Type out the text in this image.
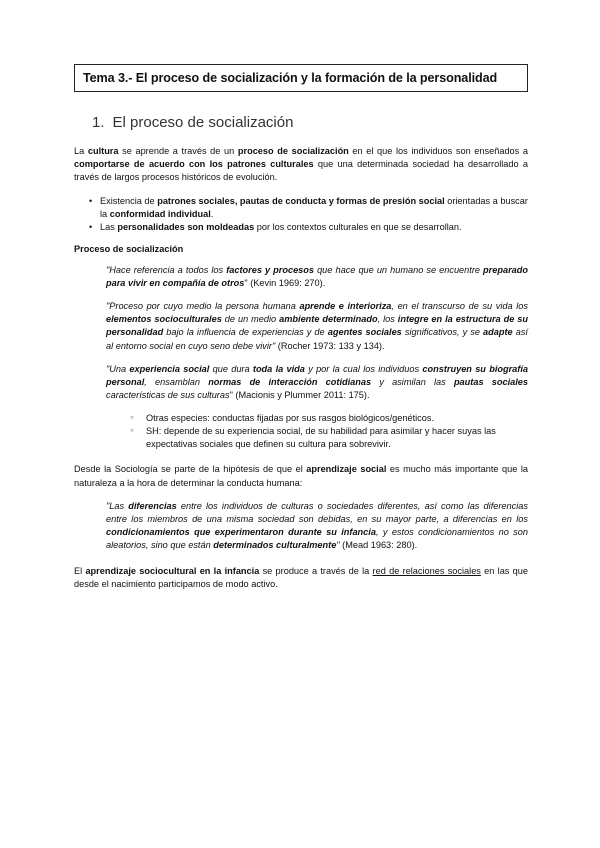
Tema 3.- El proceso de socialización y la formación de la personalidad
1. El proceso de socialización

La cultura se aprende a través de un proceso de socialización en el que los individuos son enseñados a comportarse de acuerdo con los patrones culturales que una determinada sociedad ha desarrollado a través de largos procesos históricos de evolución.

• Existencia de patrones sociales, pautas de conducta y formas de presión social orientadas a buscar la conformidad individual.
• Las personalidades son moldeadas por los contextos culturales en que se desarrollan.
Proceso de socialización

"Hace referencia a todos los factores y procesos que hace que un humano se encuentre preparado para vivir en compañía de otros" (Kevin 1969: 270).

"Proceso por cuyo medio la persona humana aprende e interioriza, en el transcurso de su vida los elementos socioculturales de un medio ambiente determinado, los integre en la estructura de su personalidad bajo la influencia de experiencias y de agentes sociales significativos, y se adapte así al entorno social en cuyo seno debe vivir" (Rocher 1973: 133 y 134).

"Una experiencia social que dura toda la vida y por la cual los individuos construyen su biografía personal, ensamblan normas de interacción cotidianas y asimilan las pautas sociales características de sus culturas" (Macionis y Plummer 2011: 175).

○ Otras especies: conductas fijadas por sus rasgos biológicos/genéticos.
○ SH: depende de su experiencia social, de su habilidad para asimilar y hacer suyas las expectativas sociales que definen su cultura para sobrevivir.

Desde la Sociología se parte de la hipótesis de que el aprendizaje social es mucho más importante que la naturaleza a la hora de determinar la conducta humana:

"Las diferencias entre los individuos de culturas o sociedades diferentes, así como las diferencias entre los miembros de una misma sociedad son debidas, en su mayor parte, a diferencias en los condicionamientos que experimentaron durante su infancia, y estos condicionamientos no son aleatorios, sino que están determinados culturalmente" (Mead 1963: 280).

El aprendizaje sociocultural en la infancia se produce a través de la red de relaciones sociales en las que desde el nacimiento participamos de modo activo.
